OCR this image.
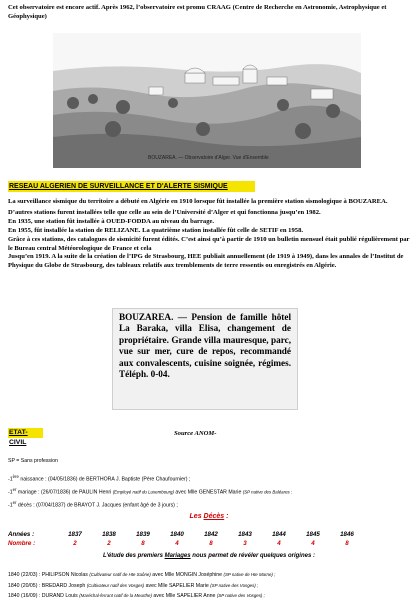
Cet observatoire est encore actif. Après 1962, l’observatoire est promu CRAAG (Centre de Recherche en Astronomie, Astrophysique et Géophysique)
BOUZAREA. — Observatoire d'Alger. Vue d'Ensemble
RESEAU ALGERIEN DE SURVEILLANCE ET D'ALERTE SISMIQUE

La surveillance sismique du territoire a débuté en Algérie en 1910 lorsque fût installée la première station sismologique à BOUZAREA.

D’autres stations furent installées telle que celle au sein de l’Université d’Alger et qui fonctionna jusqu’en 1982.

En 1935, une station fût installée à OUED-FODDA au niveau du barrage.

En 1955, fût installée la station de RELIZANE. La quatrième station installée fût celle de SETIF en 1958.

Grâce à ces stations, des catalogues de sismicité furent édités. C’est ainsi qu’à partir de 1910 un bulletin mensuel était publié régulièrement par le Bureau central Météorologique de France et cela

Jusqu’en 1919. A la suite de la création de l’IPG de Strasbourg, HEE publiait annuellement (de 1919 à 1949), dans les annales de l’Institut de Physique du Globe de Strasbourg, des tableaux relatifs aux tremblements de terre ressentis ou enregistrés en Algérie.

BOUZAREA. — Pension de famille hôtel La Baraka, villa Elisa, changement de propriétaire. Grande villa mauresque, parc, vue sur mer, cure de repos, recommandé aux convalescents, cuisine soignée, régimes. Téléph. 0-04.

ETAT-CIVIL
Source ANOM-
SP = Sans profession

-1ère naissance : (04/05/1836) de BERTHORA J. Baptiste (Père Chaufournier) ;

-1er mariage : (26/07/1836) de PAULIN Henri (Employé natif du Luxembourg) avec Mlle GENESTAR Marie (SP native des Baléares :

-1er décès : (07/04/1837) de BRAYOT J. Jacques (enfant âgé de 3 jours) ;

Les Décès :
Années :	1837	1838	1839	1840	1842	1843	1844	1845	1846
Nombre :	2	2	8	4	8	3	4	4	8
L’étude des premiers Mariages nous permet de révéler quelques origines :

1840 (22/03) : PHILIPSON Nicolas (Cultivateur natif de Hte Saône) avec Mlle MONGIN Joséphine (SP native de Hte Marne) ;

1840 (20/05) : BREDARD Joseph (Cultivateur natif des Vosges) avec Mlle SAPELIER Marie (SP native des Vosges) ;

1840 (16/09) : DURAND Louis (Maréchal-ferrant natif de la Meurthe) avec Mlle SAPELIER Anne (SP native des Vosges) ;
